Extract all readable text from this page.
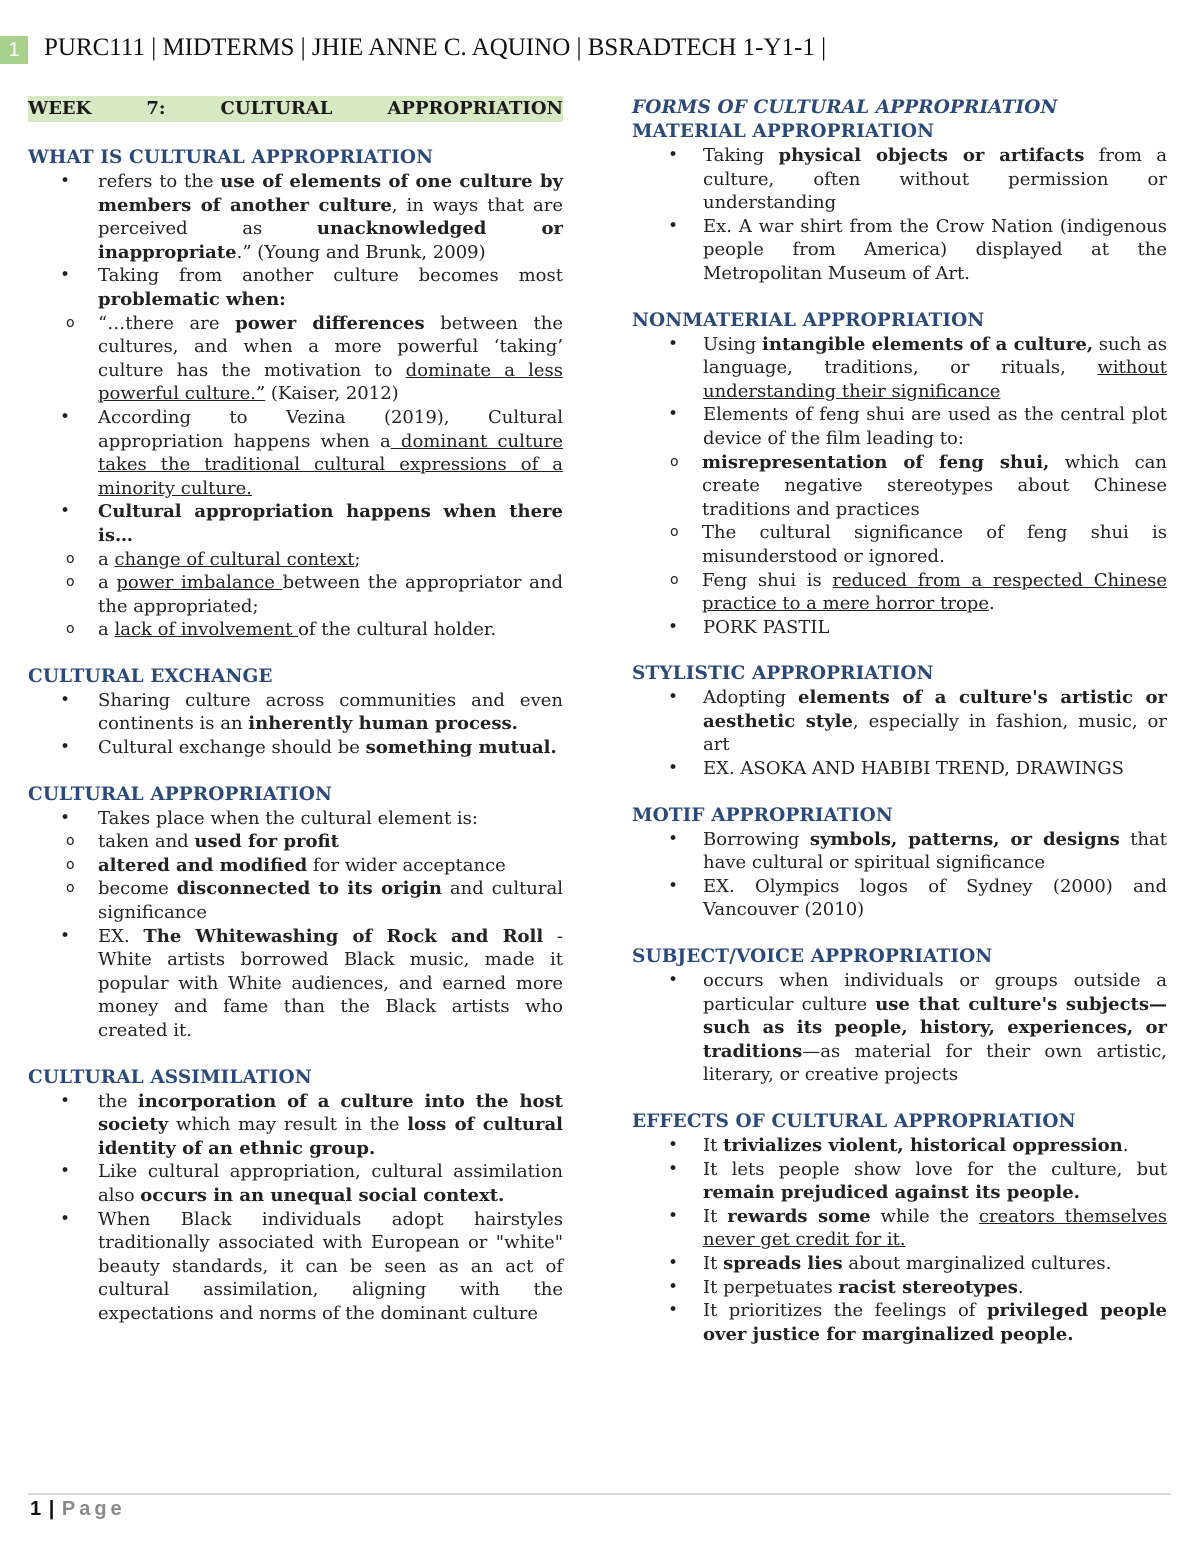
1 PURC111 | MIDTERMS | JHIE ANNE C. AQUINO | BSRADTECH 1-Y1-1 |
WEEK	7:	CULTURAL	APPROPRIATION
WHAT IS CULTURAL APPROPRIATION
• refers to the use of elements of one culture by members of another culture, in ways that are perceived as unacknowledged or inappropriate.” (Young and Brunk, 2009)
• Taking from another culture becomes most problematic when:
o “…there are power differences between the cultures, and when a more powerful ‘taking’ culture has the motivation to dominate a less powerful culture.” (Kaiser, 2012)
• According to Vezina (2019), Cultural appropriation happens when a dominant culture takes the traditional cultural expressions of a minority culture.
• Cultural appropriation happens when there is…
o a change of cultural context;
o a power imbalance between the appropriator and the appropriated;
o a lack of involvement of the cultural holder.
CULTURAL EXCHANGE
• Sharing culture across communities and even continents is an inherently human process.
• Cultural exchange should be something mutual.
CULTURAL APPROPRIATION
• Takes place when the cultural element is:
o taken and used for profit
o altered and modified for wider acceptance
o become disconnected to its origin and cultural significance
• EX. The Whitewashing of Rock and Roll - White artists borrowed Black music, made it popular with White audiences, and earned more money and fame than the Black artists who created it.
CULTURAL ASSIMILATION
• the incorporation of a culture into the host society which may result in the loss of cultural identity of an ethnic group.
• Like cultural appropriation, cultural assimilation also occurs in an unequal social context.
• When Black individuals adopt hairstyles traditionally associated with European or "white" beauty standards, it can be seen as an act of cultural assimilation, aligning with the expectations and norms of the dominant culture
FORMS OF CULTURAL APPROPRIATION
MATERIAL APPROPRIATION
• Taking physical objects or artifacts from a culture, often without permission or understanding
• Ex. A war shirt from the Crow Nation (indigenous people from America) displayed at the Metropolitan Museum of Art.
NONMATERIAL APPROPRIATION
• Using intangible elements of a culture, such as language, traditions, or rituals, without understanding their significance
• Elements of feng shui are used as the central plot device of the film leading to:
o misrepresentation of feng shui, which can create negative stereotypes about Chinese traditions and practices
o The cultural significance of feng shui is misunderstood or ignored.
o Feng shui is reduced from a respected Chinese practice to a mere horror trope.
• PORK PASTIL
STYLISTIC APPROPRIATION
• Adopting elements of a culture's artistic or aesthetic style, especially in fashion, music, or art
• EX. ASOKA AND HABIBI TREND, DRAWINGS
MOTIF APPROPRIATION
• Borrowing symbols, patterns, or designs that have cultural or spiritual significance
• EX. Olympics logos of Sydney (2000) and Vancouver (2010)
SUBJECT/VOICE APPROPRIATION
• occurs when individuals or groups outside a particular culture use that culture's subjects—such as its people, history, experiences, or traditions—as material for their own artistic, literary, or creative projects
EFFECTS OF CULTURAL APPROPRIATION
• It trivializes violent, historical oppression.
• It lets people show love for the culture, but remain prejudiced against its people.
• It rewards some while the creators themselves never get credit for it.
• It spreads lies about marginalized cultures.
• It perpetuates racist stereotypes.
• It prioritizes the feelings of privileged people over justice for marginalized people.
1 | Page
